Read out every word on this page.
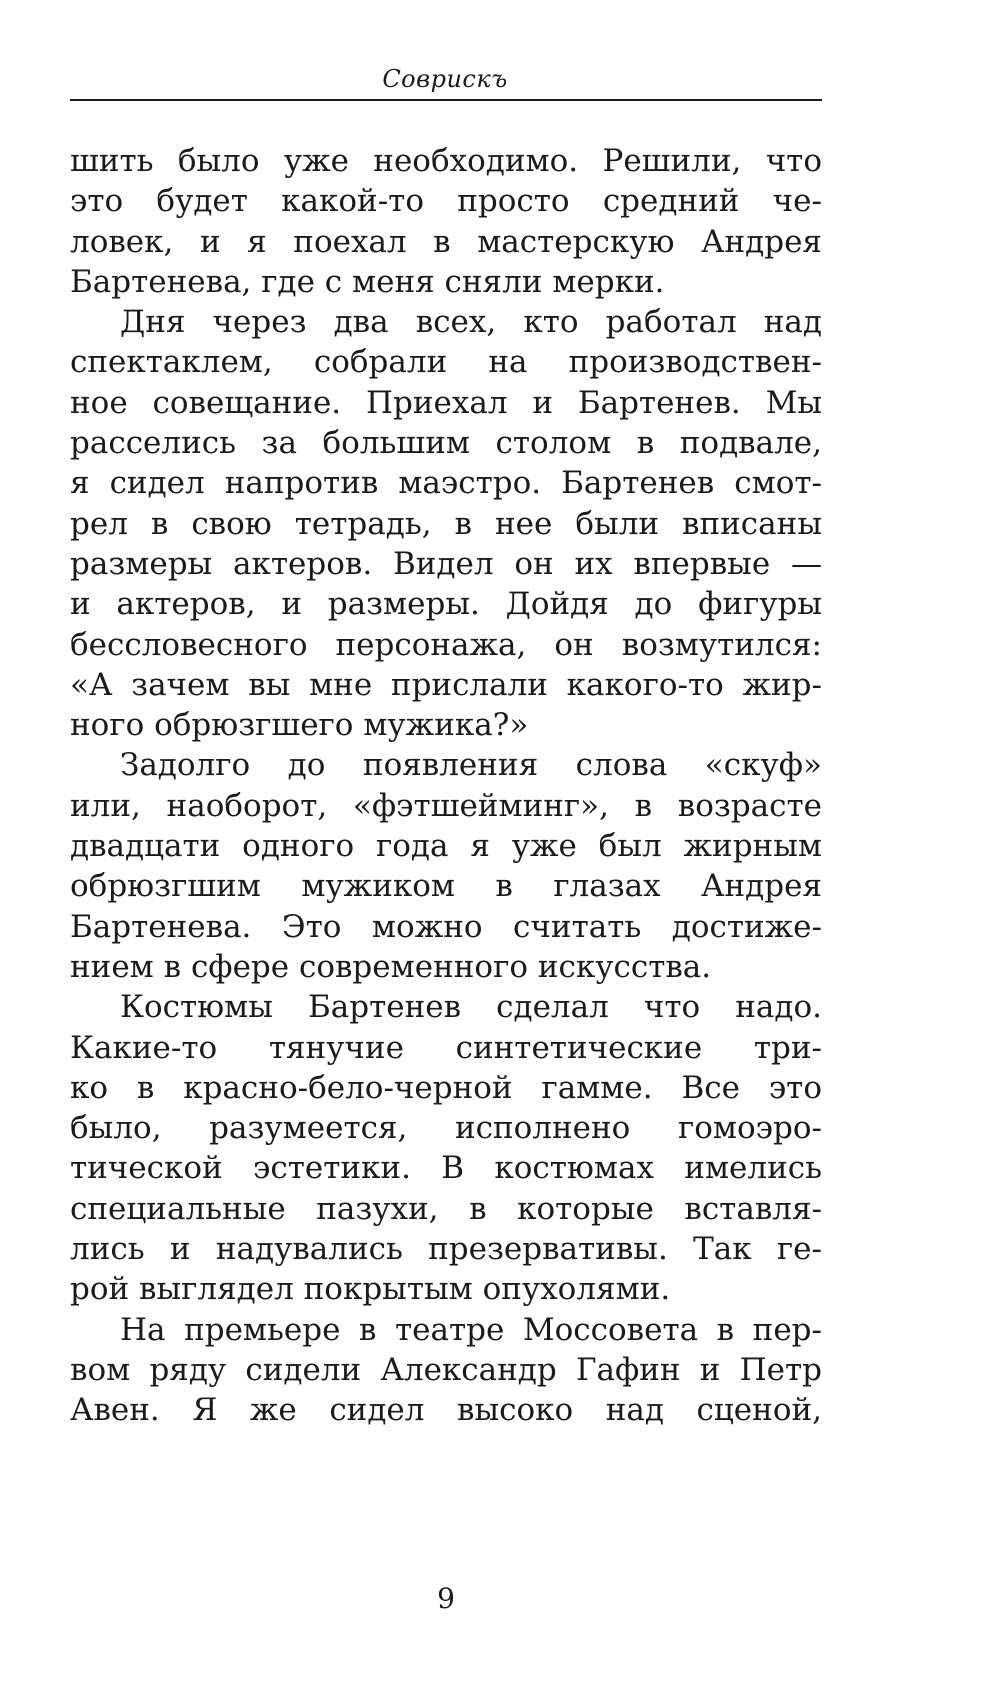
Соврискъ
шить было уже необходимо. Решили, что
это будет какой-то просто средний че-
ловек, и я поехал в мастерскую Андрея
Бартенева, где с меня сняли мерки.
Дня через два всех, кто работал над
спектаклем, собрали на производствен-
ное совещание. Приехал и Бартенев. Мы
расселись за большим столом в подвале,
я сидел напротив маэстро. Бартенев смот-
рел в свою тетрадь, в нее были вписаны
размеры актеров. Видел он их впервые —
и актеров, и размеры. Дойдя до фигуры
бессловесного персонажа, он возмутился:
«А зачем вы мне прислали какого-то жир-
ного обрюзгшего мужика?»
Задолго до появления слова «скуф»
или, наоборот, «фэтшейминг», в возрасте
двадцати одного года я уже был жирным
обрюзгшим мужиком в глазах Андрея
Бартенева. Это можно считать достиже-
нием в сфере современного искусства.
Костюмы Бартенев сделал что надо.
Какие-то тянучие синтетические три-
ко в красно-бело-черной гамме. Все это
было, разумеется, исполнено гомоэро-
тической эстетики. В костюмах имелись
специальные пазухи, в которые вставля-
лись и надувались презервативы. Так ге-
рой выглядел покрытым опухолями.
На премьере в театре Моссовета в пер-
вом ряду сидели Александр Гафин и Петр
Авен. Я же сидел высоко над сценой,
9
